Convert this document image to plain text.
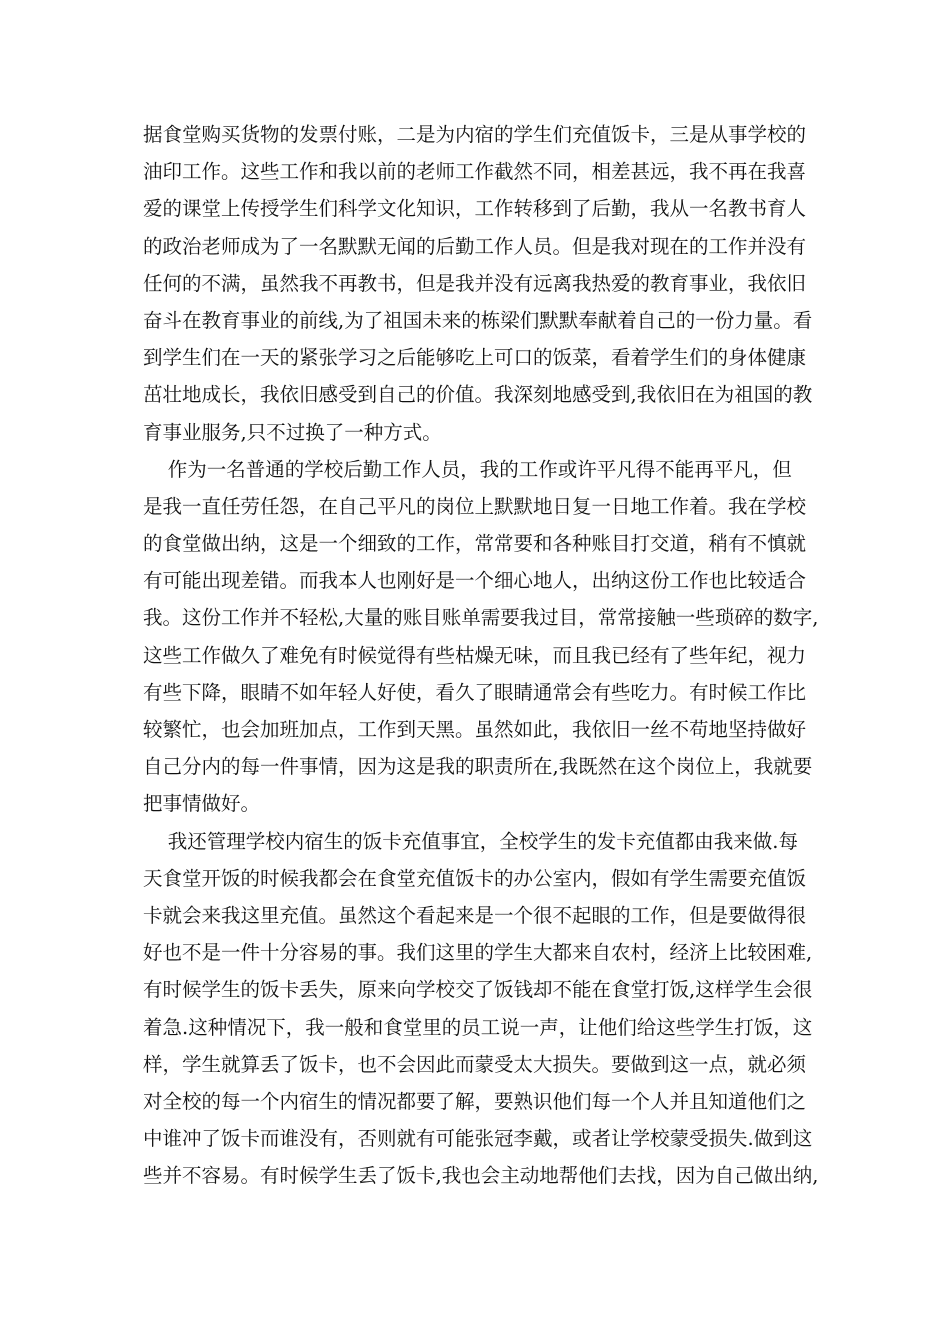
据食堂购买货物的发票付账，二是为内宿的学生们充值饭卡，三是从事学校的
油印工作。这些工作和我以前的老师工作截然不同，相差甚远，我不再在我喜
爱的课堂上传授学生们科学文化知识，工作转移到了后勤，我从一名教书育人
的政治老师成为了一名默默无闻的后勤工作人员。但是我对现在的工作并没有
任何的不满，虽然我不再教书，但是我并没有远离我热爱的教育事业，我依旧
奋斗在教育事业的前线,为了祖国未来的栋梁们默默奉献着自己的一份力量。看
到学生们在一天的紧张学习之后能够吃上可口的饭菜，看着学生们的身体健康
茁壮地成长，我依旧感受到自己的价值。我深刻地感受到,我依旧在为祖国的教
育事业服务,只不过换了一种方式。
作为一名普通的学校后勤工作人员，我的工作或许平凡得不能再平凡，但
是我一直任劳任怨，在自己平凡的岗位上默默地日复一日地工作着。我在学校
的食堂做出纳，这是一个细致的工作，常常要和各种账目打交道，稍有不慎就
有可能出现差错。而我本人也刚好是一个细心地人，出纳这份工作也比较适合
我。这份工作并不轻松,大量的账目账单需要我过目，常常接触一些琐碎的数字,
这些工作做久了难免有时候觉得有些枯燥无味，而且我已经有了些年纪，视力
有些下降，眼睛不如年轻人好使，看久了眼睛通常会有些吃力。有时候工作比
较繁忙，也会加班加点，工作到天黑。虽然如此，我依旧一丝不苟地坚持做好
自己分内的每一件事情，因为这是我的职责所在,我既然在这个岗位上，我就要
把事情做好。
我还管理学校内宿生的饭卡充值事宜，全校学生的发卡充值都由我来做.每
天食堂开饭的时候我都会在食堂充值饭卡的办公室内，假如有学生需要充值饭
卡就会来我这里充值。虽然这个看起来是一个很不起眼的工作，但是要做得很
好也不是一件十分容易的事。我们这里的学生大都来自农村，经济上比较困难,
有时候学生的饭卡丢失，原来向学校交了饭钱却不能在食堂打饭,这样学生会很
着急.这种情况下，我一般和食堂里的员工说一声，让他们给这些学生打饭，这
样，学生就算丢了饭卡，也不会因此而蒙受太大损失。要做到这一点，就必须
对全校的每一个内宿生的情况都要了解，要熟识他们每一个人并且知道他们之
中谁冲了饭卡而谁没有，否则就有可能张冠李戴，或者让学校蒙受损失.做到这
些并不容易。有时候学生丢了饭卡,我也会主动地帮他们去找，因为自己做出纳,
